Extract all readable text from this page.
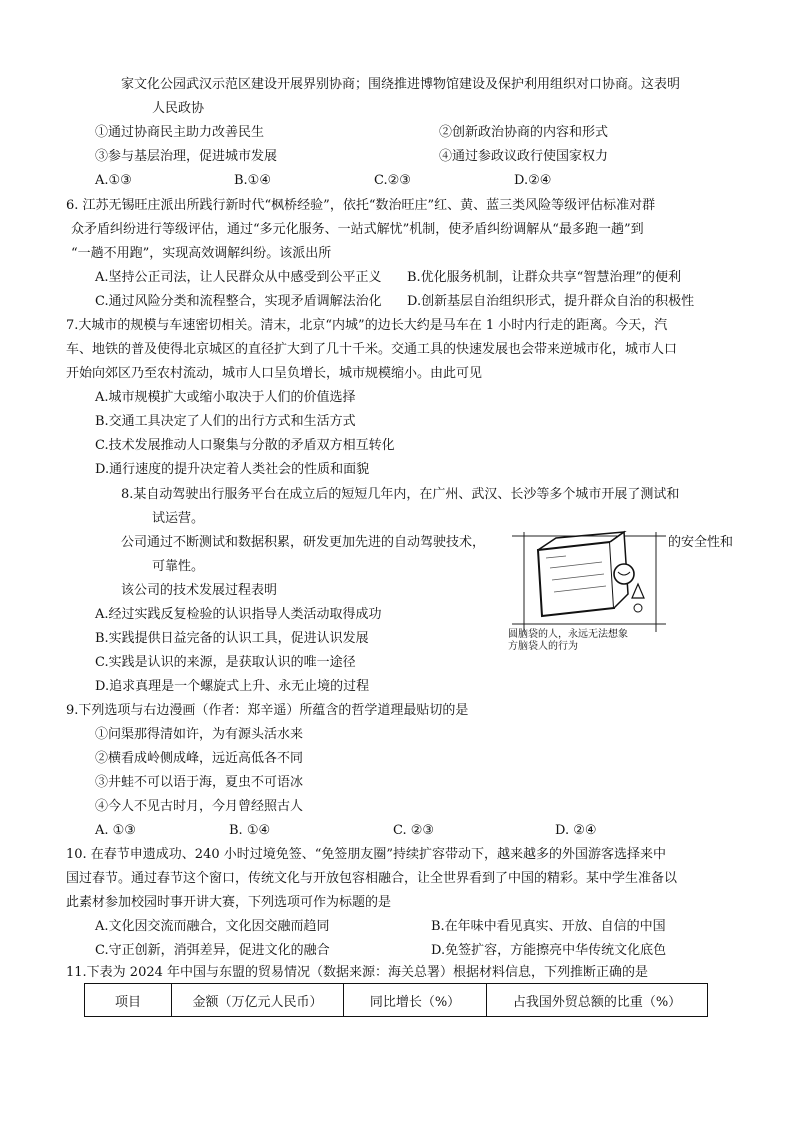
家文化公园武汉示范区建设开展界别协商；围绕推进博物馆建设及保护利用组织对口协商。这表明
人民政协
①通过协商民主助力改善民生	②创新政治协商的内容和形式
③参与基层治理，促进城市发展	④通过参政议政行使国家权力
A.①③	B.①④	C.②③	D.②④
6. 江苏无锡旺庄派出所践行新时代“枫桥经验”，依托“数治旺庄”红、黄、蓝三类风险等级评估标准对群
众矛盾纠纷进行等级评估，通过“多元化服务、一站式解忧”机制，使矛盾纠纷调解从“最多跑一趟”到
“一趟不用跑”，实现高效调解纠纷。该派出所
A.坚持公正司法，让人民群众从中感受到公平正义 B.优化服务机制，让群众共享“智慧治理”的便利
C.通过风险分类和流程整合，实现矛盾调解法治化 D.创新基层自治组织形式，提升群众自治的积极性
7.大城市的规模与车速密切相关。清末，北京“内城”的边长大约是马车在 1 小时内行走的距离。今天，汽
车、地铁的普及使得北京城区的直径扩大到了几十千米。交通工具的快速发展也会带来逆城市化，城市人口
开始向郊区乃至农村流动，城市人口呈负增长，城市规模缩小。由此可见
A.城市规模扩大或缩小取决于人们的价值选择
B.交通工具决定了人们的出行方式和生活方式
C.技术发展推动人口聚集与分散的矛盾双方相互转化
D.通行速度的提升决定着人类社会的性质和面貌
8.某自动驾驶出行服务平台在成立后的短短几年内，在广州、武汉、长沙等多个城市开展了测试和
试运营。
公司通过不断测试和数据积累，研发更加先进的自动驾驶技术，	的安全性和
可靠性。
该公司的技术发展过程表明
A.经过实践反复检验的认识指导人类活动取得成功
B.实践提供日益完备的认识工具，促进认识发展
C.实践是认识的来源，是获取认识的唯一途径
D.追求真理是一个螺旋式上升、永无止境的过程
圆脑袋的人，永远无法想象
方脑袋人的行为
9.下列选项与右边漫画（作者：郑辛遥）所蕴含的哲学道理最贴切的是
①问渠那得清如许，为有源头活水来
②横看成岭侧成峰，远近高低各不同
③井蛙不可以语于海，夏虫不可语冰
④今人不见古时月，今月曾经照古人
A. ①③	B. ①④	C. ②③	D. ②④
10. 在春节申遗成功、240 小时过境免签、“免签朋友圈”持续扩容带动下，越来越多的外国游客选择来中
国过春节。通过春节这个窗口，传统文化与开放包容相融合，让全世界看到了中国的精彩。某中学生准备以
此素材参加校园时事开讲大赛，下列选项可作为标题的是
A.文化因交流而融合，文化因交融而趋同	B.在年味中看见真实、开放、自信的中国
C.守正创新，消弭差异，促进文化的融合	D.免签扩容，方能擦亮中华传统文化底色
11.下表为 2024 年中国与东盟的贸易情况（数据来源：海关总署）根据材料信息，下列推断正确的是
项目	金额（万亿元人民币）	同比增长（%）	占我国外贸总额的比重（%）
